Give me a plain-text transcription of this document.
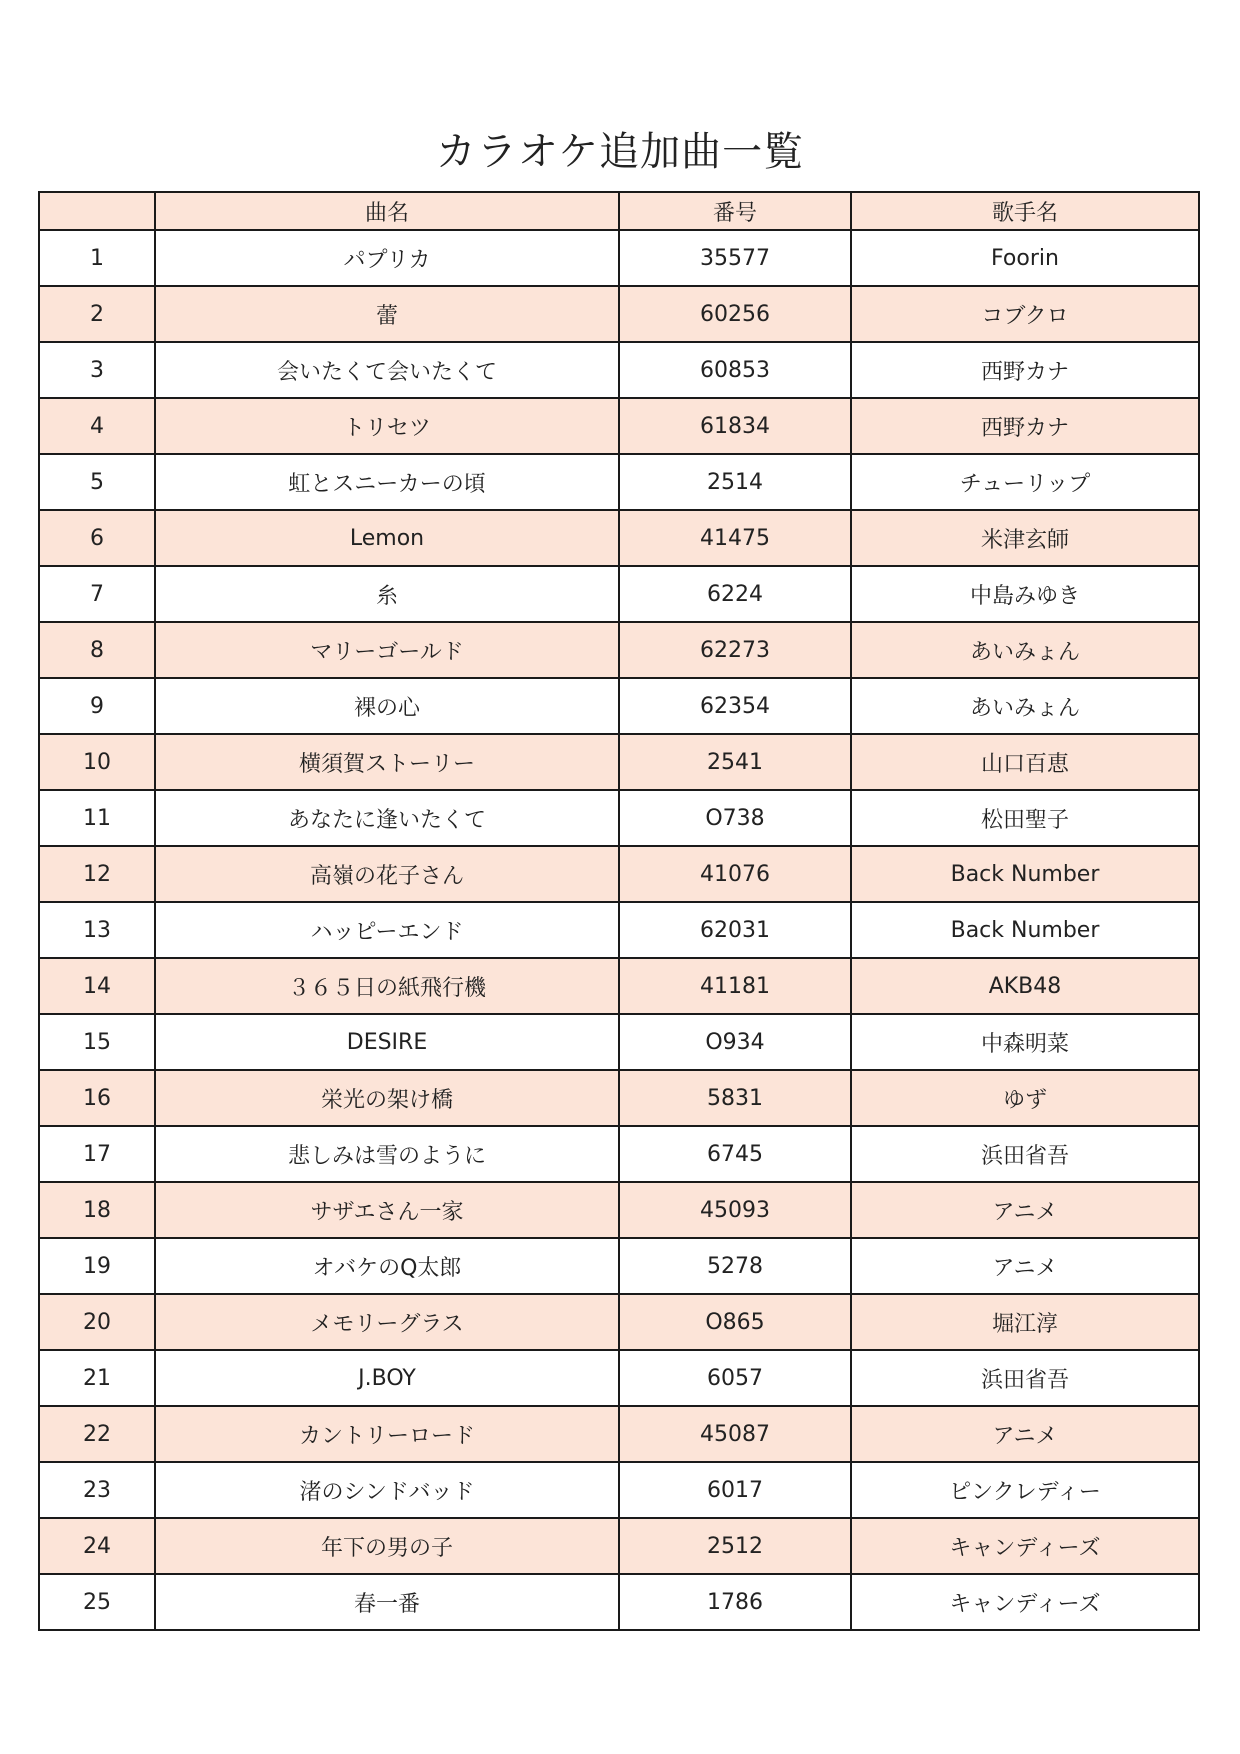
カラオケ追加曲一覧
	曲名	番号	歌手名
1	パプリカ	35577	Foorin
2	蕾	60256	コブクロ
3	会いたくて会いたくて	60853	西野カナ
4	トリセツ	61834	西野カナ
5	虹とスニーカーの頃	2514	チューリップ
6	Lemon	41475	米津玄師
7	糸	6224	中島みゆき
8	マリーゴールド	62273	あいみょん
9	裸の心	62354	あいみょん
10	横須賀ストーリー	2541	山口百恵
11	あなたに逢いたくて	O738	松田聖子
12	高嶺の花子さん	41076	Back Number
13	ハッピーエンド	62031	Back Number
14	３６５日の紙飛行機	41181	AKB48
15	DESIRE	O934	中森明菜
16	栄光の架け橋	5831	ゆず
17	悲しみは雪のように	6745	浜田省吾
18	サザエさん一家	45093	アニメ
19	オバケのQ太郎	5278	アニメ
20	メモリーグラス	O865	堀江淳
21	J.BOY	6057	浜田省吾
22	カントリーロード	45087	アニメ
23	渚のシンドバッド	6017	ピンクレディー
24	年下の男の子	2512	キャンディーズ
25	春一番	1786	キャンディーズ
